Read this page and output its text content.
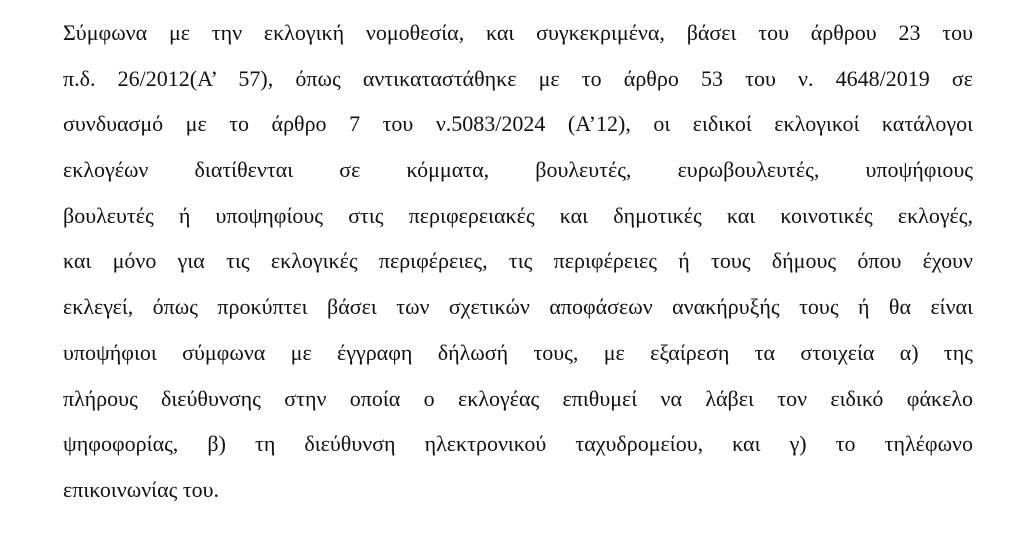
Σύμφωνα με την εκλογική νομοθεσία, και συγκεκριμένα, βάσει του άρθρου 23 του
π.δ. 26/2012(Α’ 57), όπως αντικαταστάθηκε με το άρθρο 53 του ν. 4648/2019 σε
συνδυασμό με το άρθρο 7 του ν.5083/2024 (Α’12), οι ειδικοί εκλογικοί κατάλογοι
εκλογέων διατίθενται σε κόμματα, βουλευτές, ευρωβουλευτές, υποψήφιους
βουλευτές ή υποψηφίους στις περιφερειακές και δημοτικές και κοινοτικές εκλογές,
και μόνο για τις εκλογικές περιφέρειες, τις περιφέρειες ή τους δήμους όπου έχουν
εκλεγεί, όπως προκύπτει βάσει των σχετικών αποφάσεων ανακήρυξής τους ή θα είναι
υποψήφιοι σύμφωνα με έγγραφη δήλωσή τους, με εξαίρεση τα στοιχεία α) της
πλήρους διεύθυνσης στην οποία ο εκλογέας επιθυμεί να λάβει τον ειδικό φάκελο
ψηφοφορίας, β) τη διεύθυνση ηλεκτρονικού ταχυδρομείου, και γ) το τηλέφωνο
επικοινωνίας του.
